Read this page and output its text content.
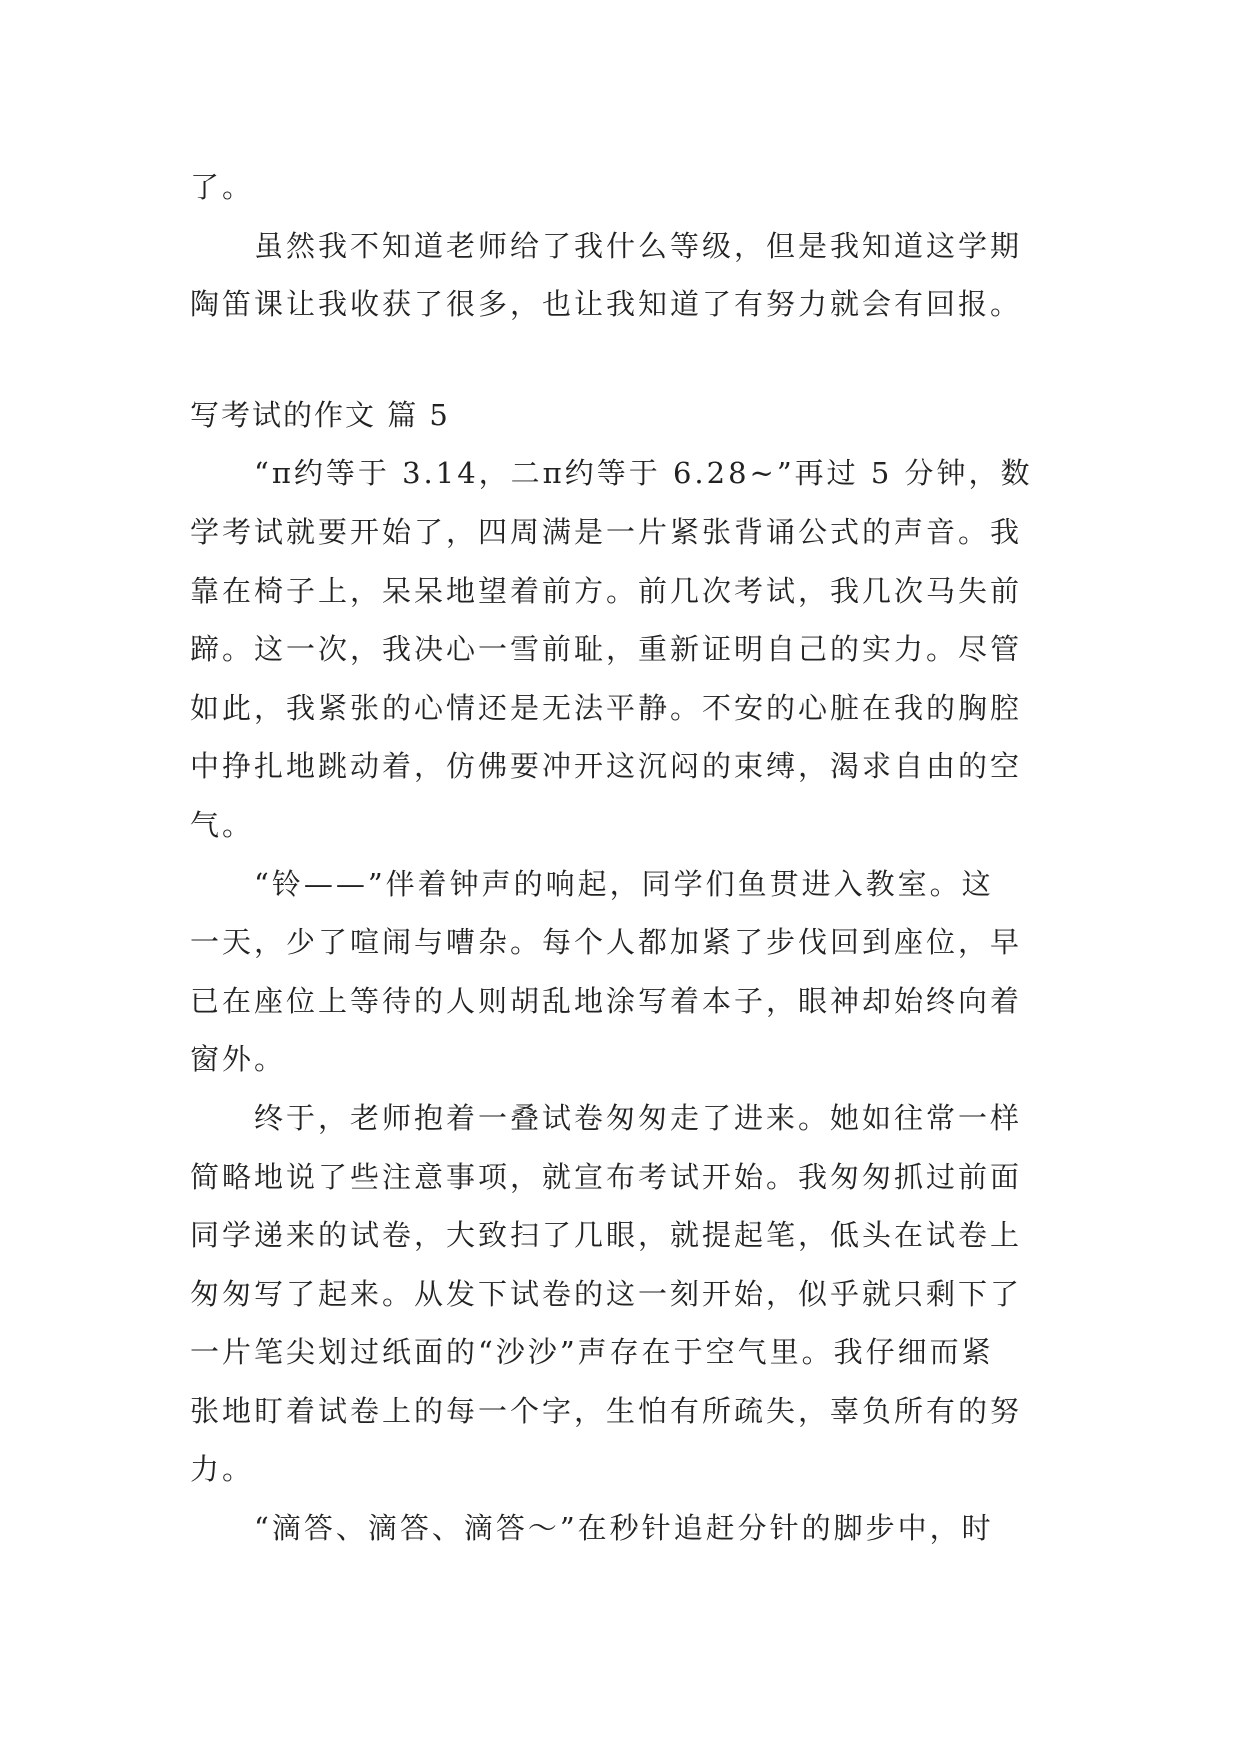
了。
虽然我不知道老师给了我什么等级，但是我知道这学期
陶笛课让我收获了很多，也让我知道了有努力就会有回报。
写考试的作文 篇 5
“π约等于 3.14，二π约等于 6.28~”再过 5 分钟，数
学考试就要开始了，四周满是一片紧张背诵公式的声音。我
靠在椅子上，呆呆地望着前方。前几次考试，我几次马失前
蹄。这一次，我决心一雪前耻，重新证明自己的实力。尽管
如此，我紧张的心情还是无法平静。不安的心脏在我的胸腔
中挣扎地跳动着，仿佛要冲开这沉闷的束缚，渴求自由的空
气。
“铃——”伴着钟声的响起，同学们鱼贯进入教室。这
一天，少了喧闹与嘈杂。每个人都加紧了步伐回到座位，早
已在座位上等待的人则胡乱地涂写着本子，眼神却始终向着
窗外。
终于，老师抱着一叠试卷匆匆走了进来。她如往常一样
简略地说了些注意事项，就宣布考试开始。我匆匆抓过前面
同学递来的试卷，大致扫了几眼，就提起笔，低头在试卷上
匆匆写了起来。从发下试卷的这一刻开始，似乎就只剩下了
一片笔尖划过纸面的“沙沙”声存在于空气里。我仔细而紧
张地盯着试卷上的每一个字，生怕有所疏失，辜负所有的努
力。
“滴答、滴答、滴答～”在秒针追赶分针的脚步中，时
